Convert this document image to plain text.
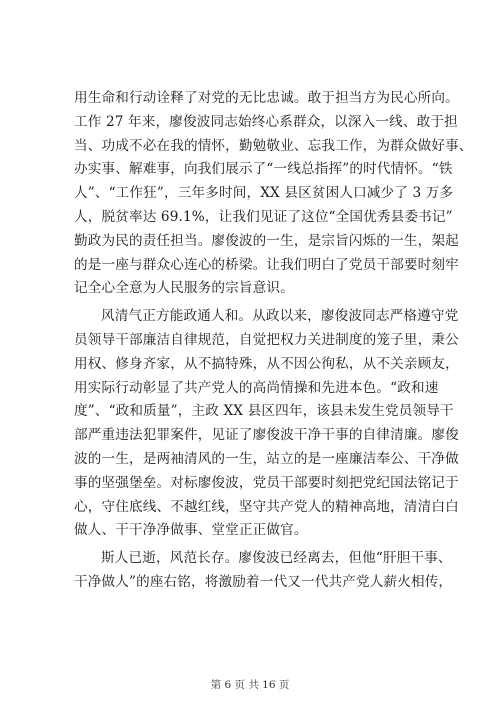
用生命和行动诠释了对党的无比忠诚。敢于担当方为民心所向。
工作 27 年来，廖俊波同志始终心系群众，以深入一线、敢于担
当、功成不必在我的情怀，勤勉敬业、忘我工作，为群众做好事、
办实事、解难事，向我们展示了“一线总指挥”的时代情怀。“铁
人”、“工作狂”，三年多时间，XX 县区贫困人口减少了 3 万多
人，脱贫率达 69.1%，让我们见证了这位“全国优秀县委书记”
勤政为民的责任担当。廖俊波的一生，是宗旨闪烁的一生，架起
的是一座与群众心连心的桥梁。让我们明白了党员干部要时刻牢
记全心全意为人民服务的宗旨意识。
风清气正方能政通人和。从政以来，廖俊波同志严格遵守党
员领导干部廉洁自律规范，自觉把权力关进制度的笼子里，秉公
用权、修身齐家，从不搞特殊，从不因公徇私，从不关亲顾友，
用实际行动彰显了共产党人的高尚情操和先进本色。“政和速
度”、“政和质量”，主政 XX 县区四年，该县未发生党员领导干
部严重违法犯罪案件，见证了廖俊波干净干事的自律清廉。廖俊
波的一生，是两袖清风的一生，站立的是一座廉洁奉公、干净做
事的坚强堡垒。对标廖俊波，党员干部要时刻把党纪国法铭记于
心，守住底线、不越红线，坚守共产党人的精神高地，清清白白
做人、干干净净做事、堂堂正正做官。
斯人已逝，风范长存。廖俊波已经离去，但他“肝胆干事、
干净做人”的座右铭，将激励着一代又一代共产党人薪火相传，
第 6 页 共 16 页
